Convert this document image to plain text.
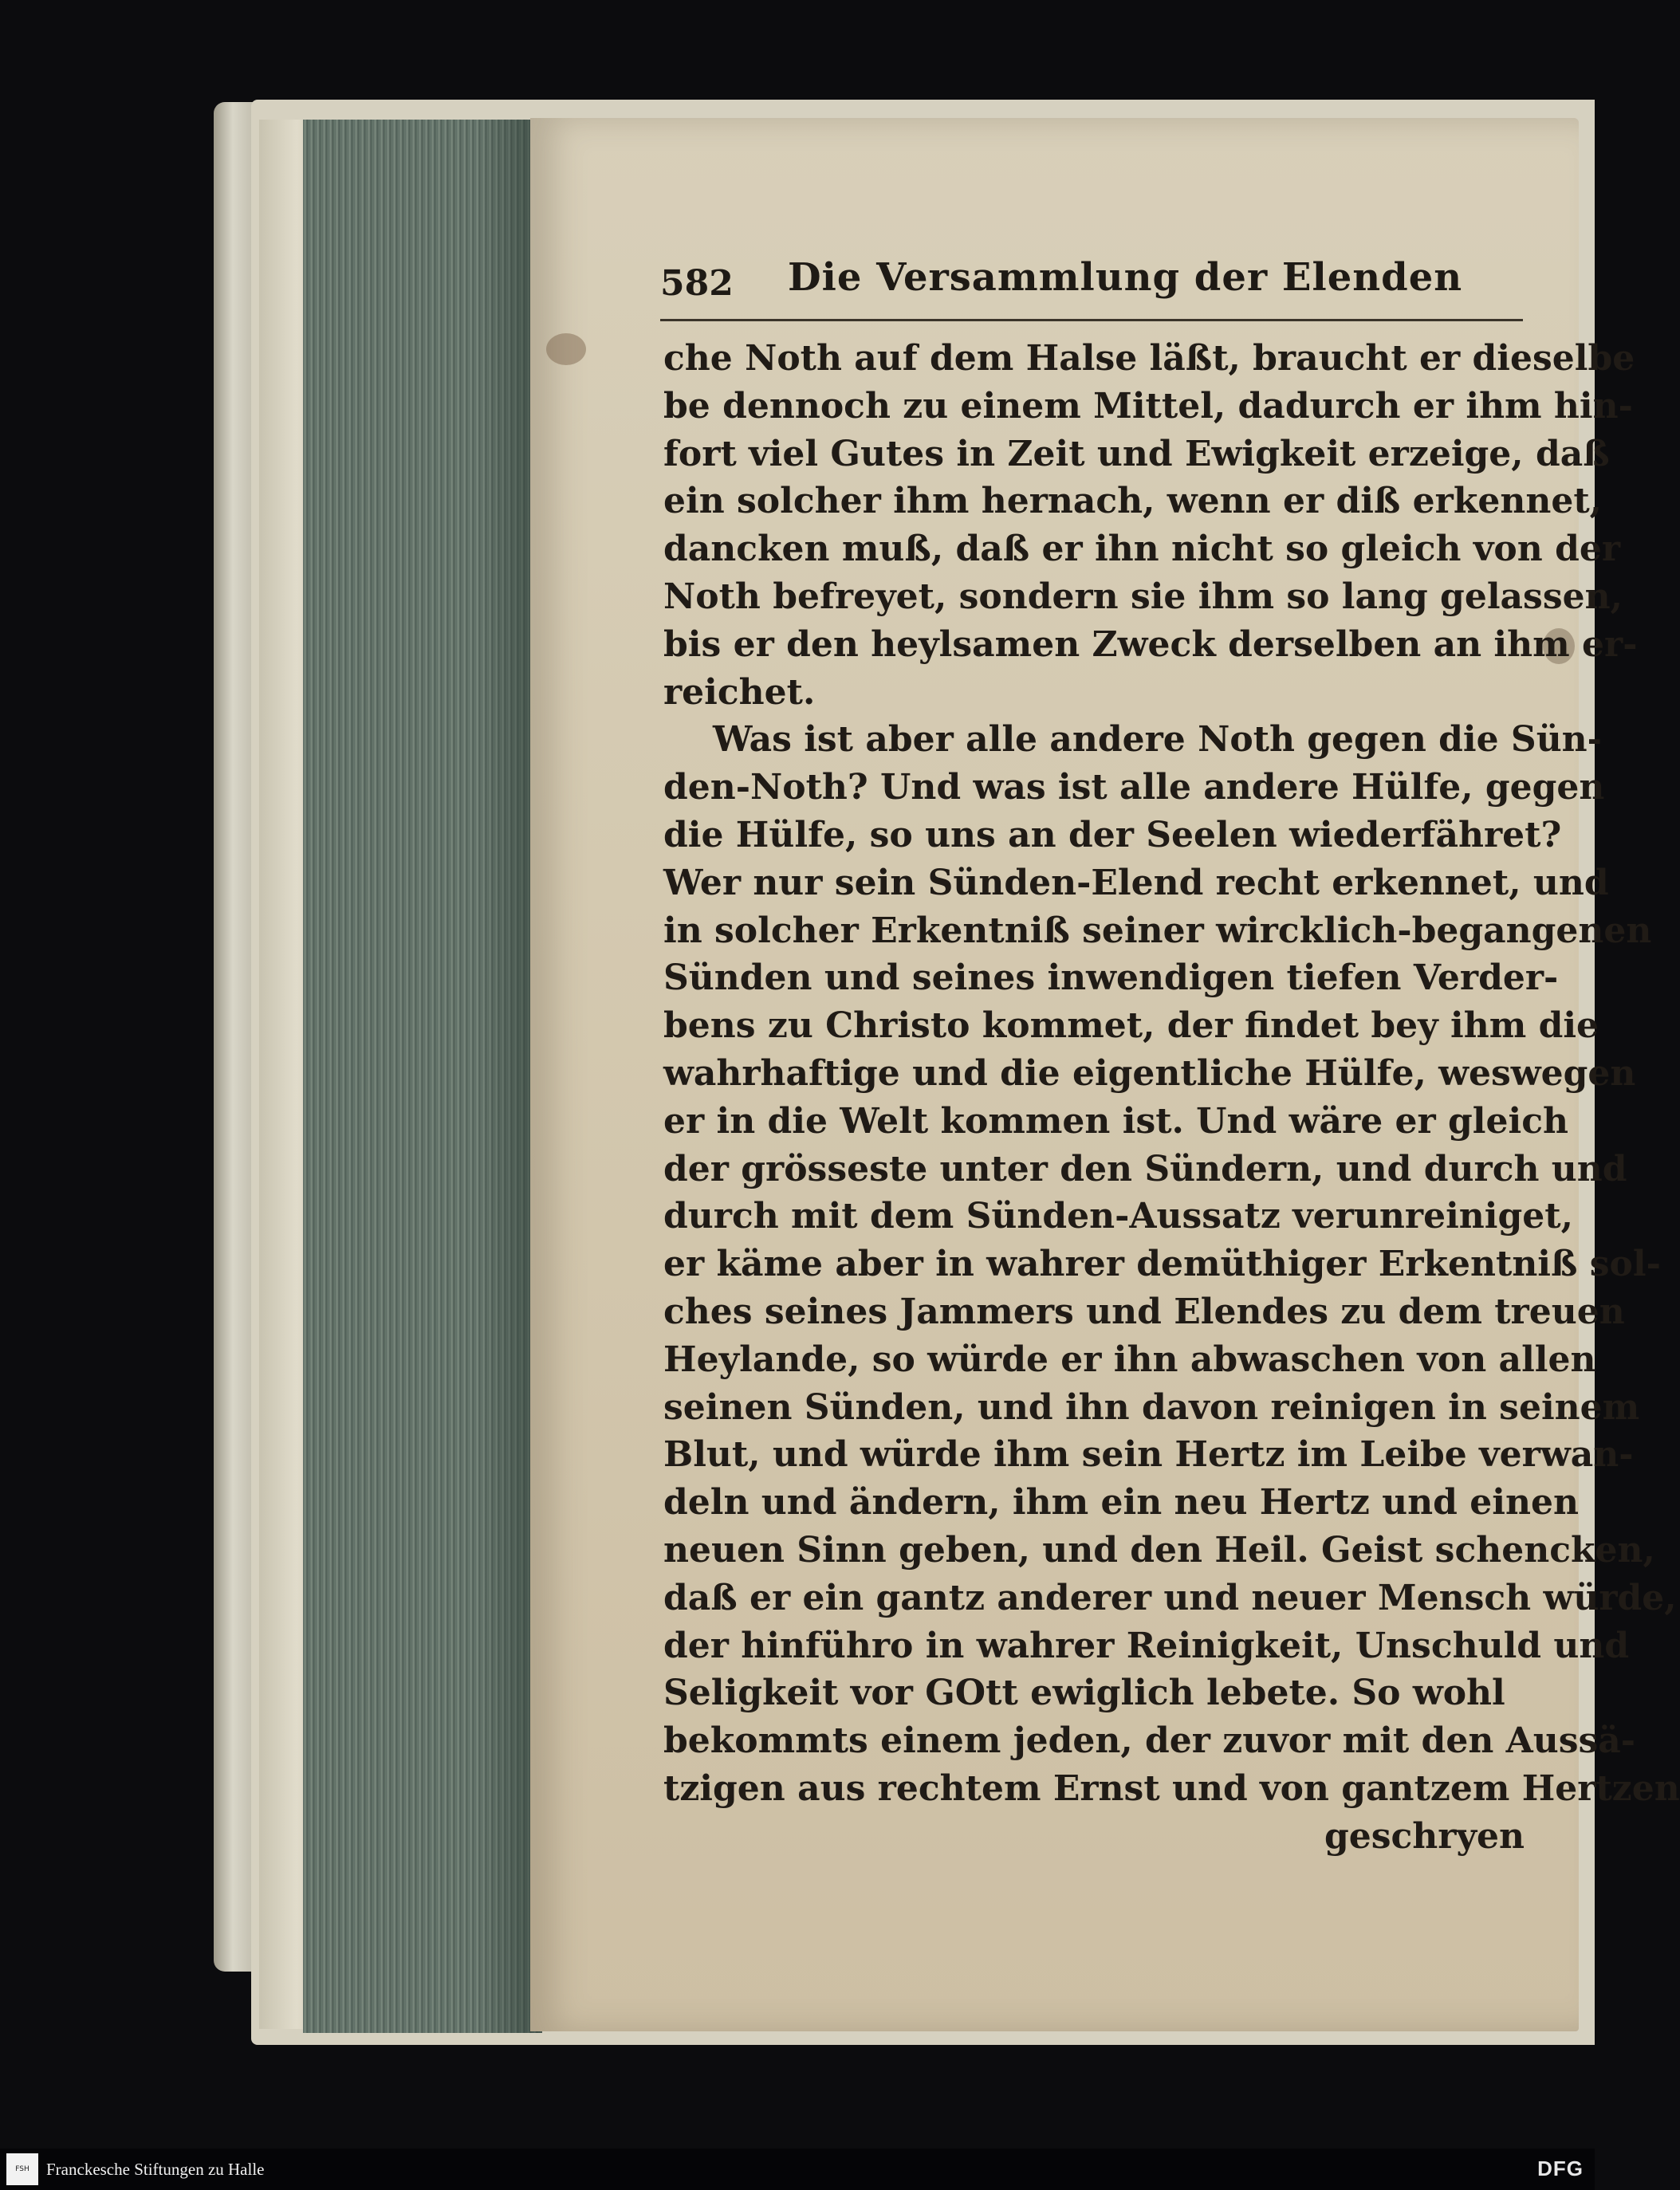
582 Die Versammlung der Elenden
che Noth auf dem Halse läßt, braucht er dieselbe
be dennoch zu einem Mittel, dadurch er ihm hin-
fort viel Gutes in Zeit und Ewigkeit erzeige, daß
ein solcher ihm hernach, wenn er diß erkennet,
dancken muß, daß er ihn nicht so gleich von der
Noth befreyet, sondern sie ihm so lang gelassen,
bis er den heylsamen Zweck derselben an ihm er-
reichet.
Was ist aber alle andere Noth gegen die Sün-
den-Noth? Und was ist alle andere Hülfe, gegen
die Hülfe, so uns an der Seelen wiederfähret?
Wer nur sein Sünden-Elend recht erkennet, und
in solcher Erkentniß seiner wircklich-begangenen
Sünden und seines inwendigen tiefen Verder-
bens zu Christo kommet, der findet bey ihm die
wahrhaftige und die eigentliche Hülfe, weswegen
er in die Welt kommen ist. Und wäre er gleich
der grösseste unter den Sündern, und durch und
durch mit dem Sünden-Aussatz verunreiniget,
er käme aber in wahrer demüthiger Erkentniß sol-
ches seines Jammers und Elendes zu dem treuen
Heylande, so würde er ihn abwaschen von allen
seinen Sünden, und ihn davon reinigen in seinem
Blut, und würde ihm sein Hertz im Leibe verwan-
deln und ändern, ihm ein neu Hertz und einen
neuen Sinn geben, und den Heil. Geist schencken,
daß er ein gantz anderer und neuer Mensch würde,
der hinführo in wahrer Reinigkeit, Unschuld und
Seligkeit vor GOtt ewiglich lebete. So wohl
bekommts einem jeden, der zuvor mit den Aussä-
tzigen aus rechtem Ernst und von gantzem Hertzen
geschryen
FSH	Franckesche Stiftungen zu Halle	DFG
